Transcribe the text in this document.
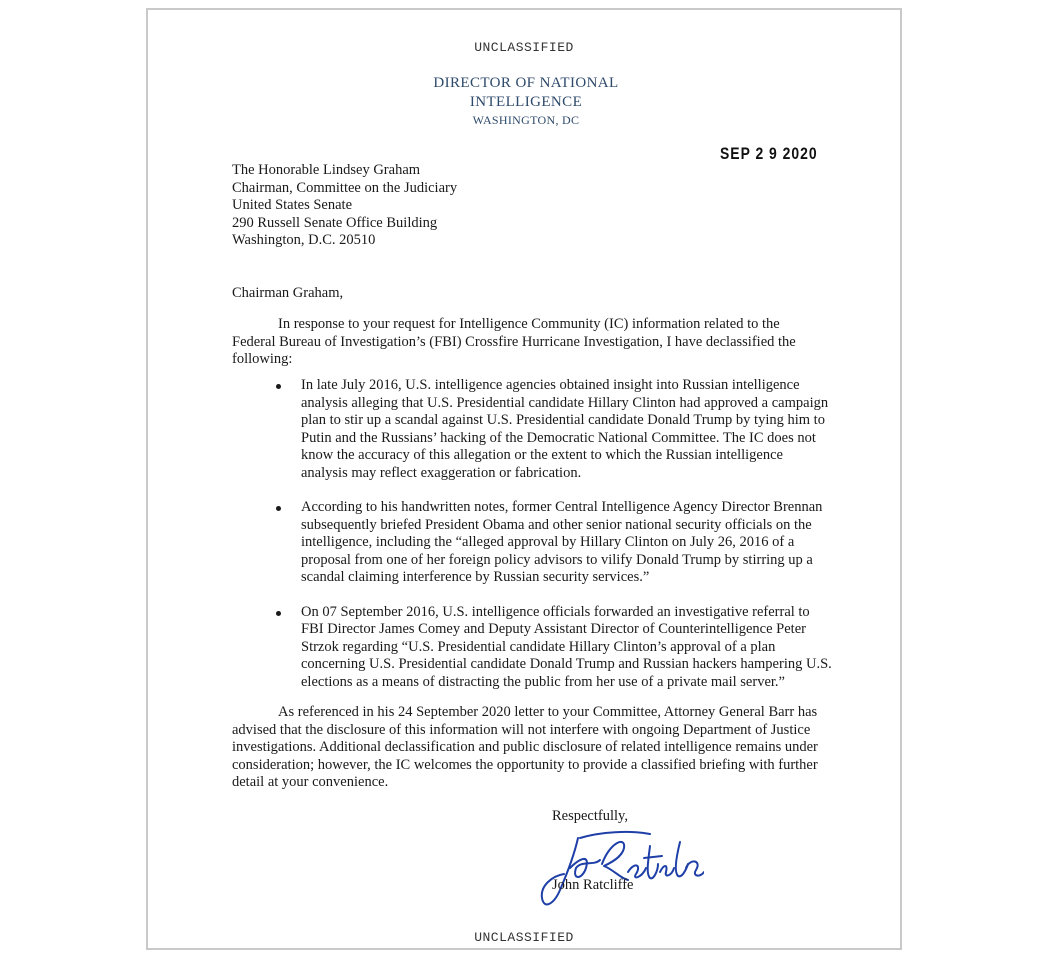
UNCLASSIFIED
DIRECTOR OF NATIONAL INTELLIGENCE
WASHINGTON, DC
SEP 2 9 2020
The Honorable Lindsey Graham
Chairman, Committee on the Judiciary
United States Senate
290 Russell Senate Office Building
Washington, D.C. 20510
Chairman Graham,
In response to your request for Intelligence Community (IC) information related to the Federal Bureau of Investigation’s (FBI) Crossfire Hurricane Investigation, I have declassified the following:
In late July 2016, U.S. intelligence agencies obtained insight into Russian intelligence analysis alleging that U.S. Presidential candidate Hillary Clinton had approved a campaign plan to stir up a scandal against U.S. Presidential candidate Donald Trump by tying him to Putin and the Russians’ hacking of the Democratic National Committee. The IC does not know the accuracy of this allegation or the extent to which the Russian intelligence analysis may reflect exaggeration or fabrication.
According to his handwritten notes, former Central Intelligence Agency Director Brennan subsequently briefed President Obama and other senior national security officials on the intelligence, including the “alleged approval by Hillary Clinton on July 26, 2016 of a proposal from one of her foreign policy advisors to vilify Donald Trump by stirring up a scandal claiming interference by Russian security services.”
On 07 September 2016, U.S. intelligence officials forwarded an investigative referral to FBI Director James Comey and Deputy Assistant Director of Counterintelligence Peter Strzok regarding “U.S. Presidential candidate Hillary Clinton’s approval of a plan concerning U.S. Presidential candidate Donald Trump and Russian hackers hampering U.S. elections as a means of distracting the public from her use of a private mail server.”
As referenced in his 24 September 2020 letter to your Committee, Attorney General Barr has advised that the disclosure of this information will not interfere with ongoing Department of Justice investigations. Additional declassification and public disclosure of related intelligence remains under consideration; however, the IC welcomes the opportunity to provide a classified briefing with further detail at your convenience.
Respectfully,
John Ratcliffe
UNCLASSIFIED
